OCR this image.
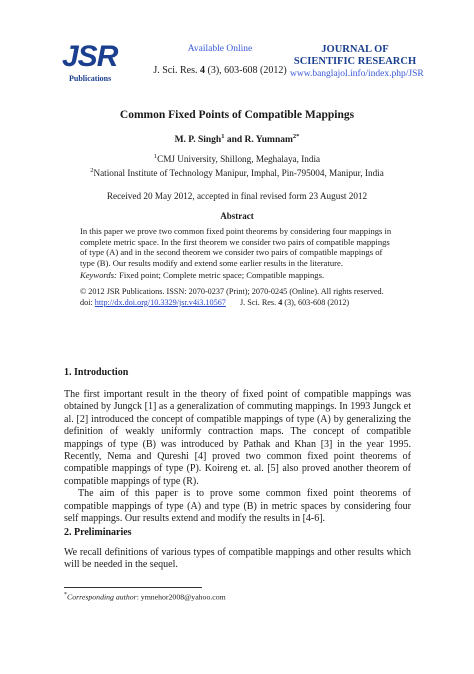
JSR
Publications
Available Online
J. Sci. Res. 4 (3), 603-608 (2012)
JOURNAL OF
SCIENTIFIC RESEARCH
www.banglajol.info/index.php/JSR
Common Fixed Points of Compatible Mappings
M. P. Singh$^1$ and R. Yumnam$^{2*}$
$^1$CMJ University, Shillong, Meghalaya, India
$^2$National Institute of Technology Manipur, Imphal, Pin-795004, Manipur, India
Received 20 May 2012, accepted in final revised form 23 August 2012
Abstract
In this paper we prove two common fixed point theorems by considering four mappings in complete metric space. In the first theorem we consider two pairs of compatible mappings of type (A) and in the second theorem we consider two pairs of compatible mappings of type (B). Our results modify and extend some earlier results in the literature.
Keywords: Fixed point; Complete metric space; Compatible mappings.
© 2012 JSR Publications. ISSN: 2070-0237 (Print); 2070-0245 (Online). All rights reserved.
doi: http://dx.doi.org/10.3329/jsr.v4i3.10567 J. Sci. Res. 4 (3), 603-608 (2012)
1. Introduction

The first important result in the theory of fixed point of compatible mappings was obtained by Jungck [1] as a generalization of commuting mappings. In 1993 Jungck et al. [2] introduced the concept of compatible mappings of type (A) by generalizing the definition of weakly uniformly contraction maps. The concept of compatible mappings of type (B) was introduced by Pathak and Khan [3] in the year 1995. Recently, Nema and Qureshi [4] proved two common fixed point theorems of compatible mappings of type (P). Koireng et. al. [5] also proved another theorem of compatible mappings of type (R).

The aim of this paper is to prove some common fixed point theorems of compatible mappings of type (A) and type (B) in metric spaces by considering four self mappings. Our results extend and modify the results in [4-6].

2. Preliminaries
We recall definitions of various types of compatible mappings and other results which will be needed in the sequel.
*Corresponding author: ymnehor2008@yahoo.com
